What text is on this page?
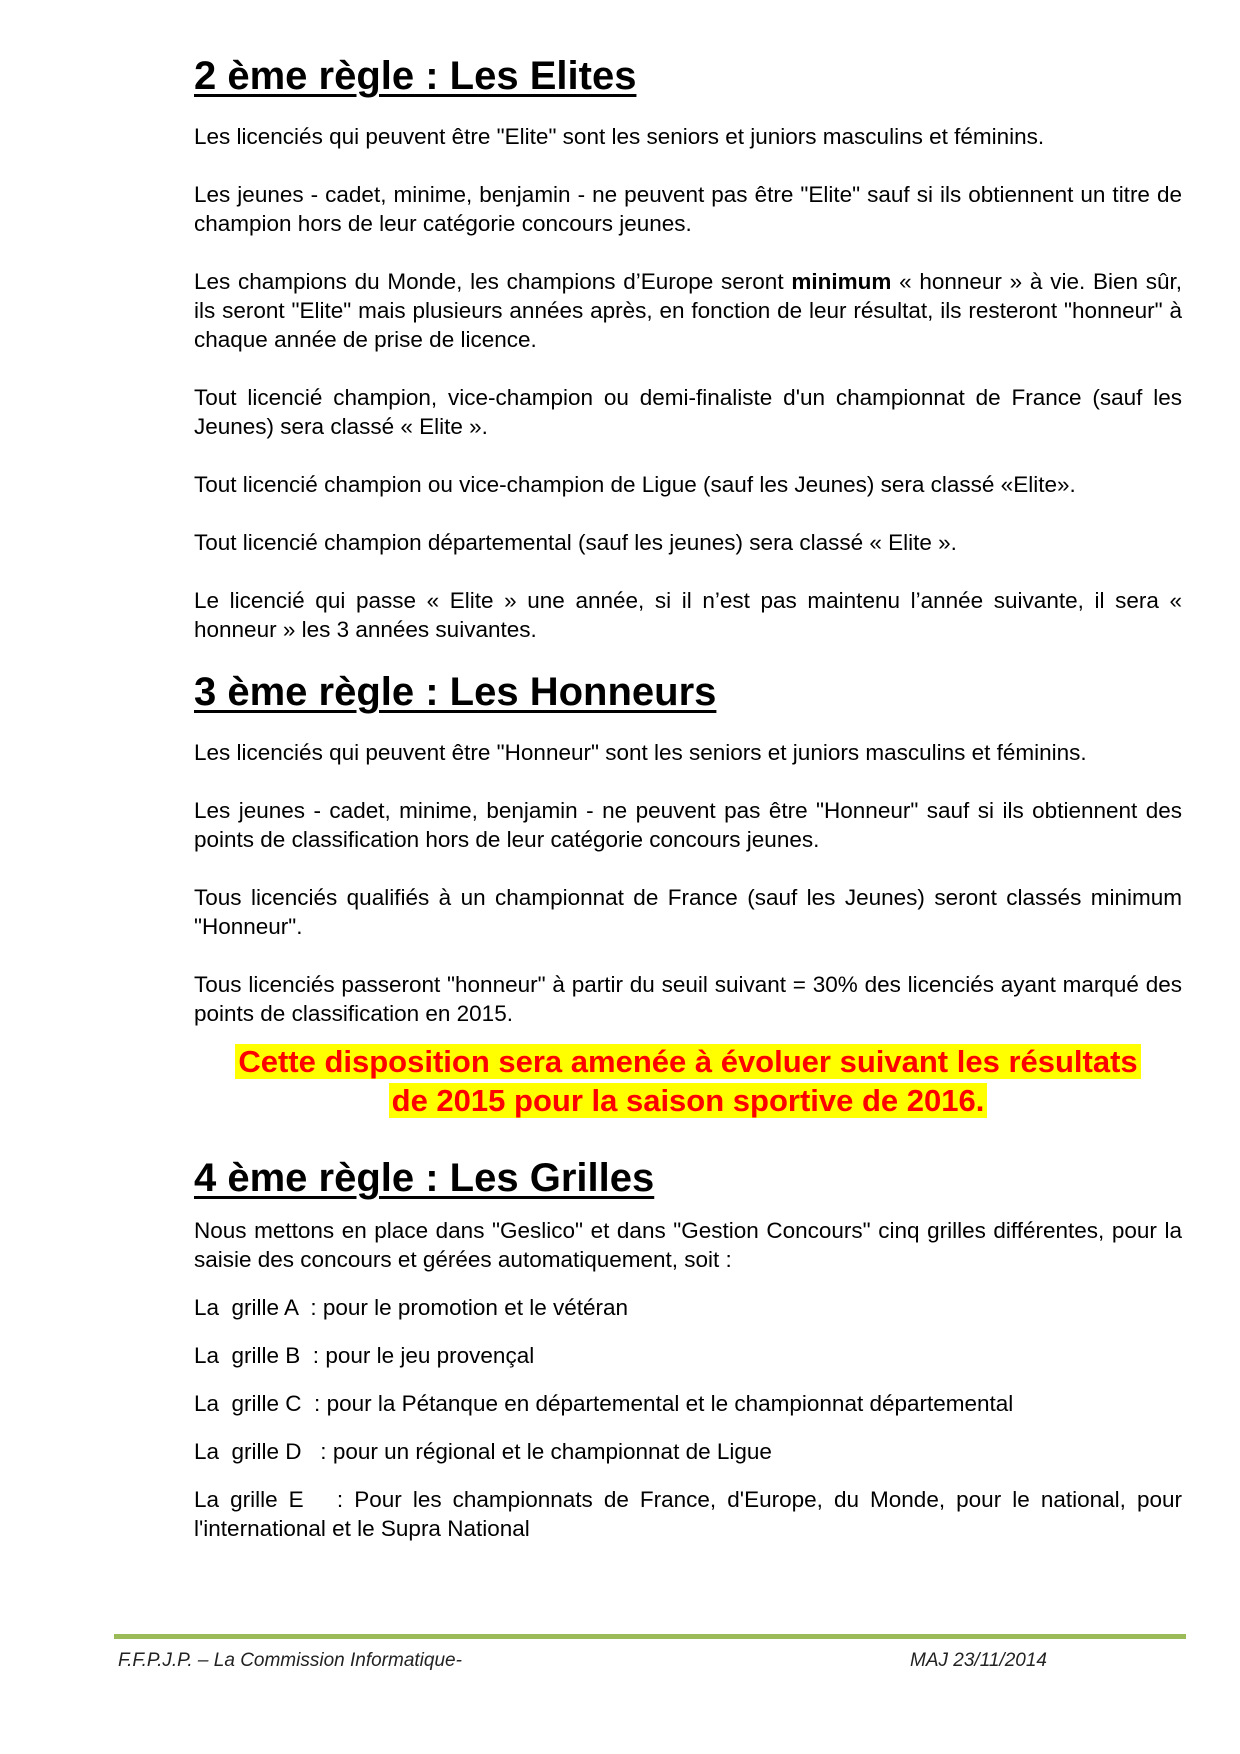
2 ème règle : Les Elites

Les licenciés qui peuvent être "Elite" sont les seniors et juniors masculins et féminins.

Les jeunes - cadet, minime, benjamin - ne peuvent pas être "Elite" sauf si ils obtiennent un titre de champion hors de leur catégorie concours jeunes.

Les champions du Monde, les champions d’Europe seront minimum « honneur » à vie. Bien sûr, ils seront "Elite" mais plusieurs années après, en fonction de leur résultat, ils resteront "honneur" à chaque année de prise de licence.

Tout licencié champion, vice-champion ou demi-finaliste d'un championnat de France (sauf les Jeunes) sera classé « Elite ».

Tout licencié champion ou vice-champion de Ligue (sauf les Jeunes) sera classé «Elite».

Tout licencié champion départemental (sauf les jeunes) sera classé « Elite ».

Le licencié qui passe « Elite » une année, si il n’est pas maintenu l’année suivante, il sera « honneur » les 3 années suivantes.

3 ème règle : Les Honneurs

Les licenciés qui peuvent être "Honneur" sont les seniors et juniors masculins et féminins.

Les jeunes - cadet, minime, benjamin - ne peuvent pas être "Honneur" sauf si ils obtiennent des points de classification hors de leur catégorie concours jeunes.

Tous licenciés qualifiés à un championnat de France (sauf les Jeunes) seront classés minimum "Honneur".

Tous licenciés passeront "honneur" à partir du seuil suivant = 30% des licenciés ayant marqué des points de classification en 2015.

Cette disposition sera amenée à évoluer suivant les résultats
de 2015 pour la saison sportive de 2016.
4 ème règle : Les Grilles

Nous mettons en place dans "Geslico" et dans "Gestion Concours" cinq grilles différentes, pour la saisie des concours et gérées automatiquement, soit :

La  grille A  : pour le promotion et le vétéran
La  grille B  : pour le jeu provençal
La  grille C  : pour la Pétanque en départemental et le championnat départemental
La  grille D   : pour un régional et le championnat de Ligue
La grille E   : Pour les championnats de France, d'Europe, du Monde, pour le national, pour l'international et le Supra National
F.F.P.J.P. – La Commission Informatique-	MAJ 23/11/2014
